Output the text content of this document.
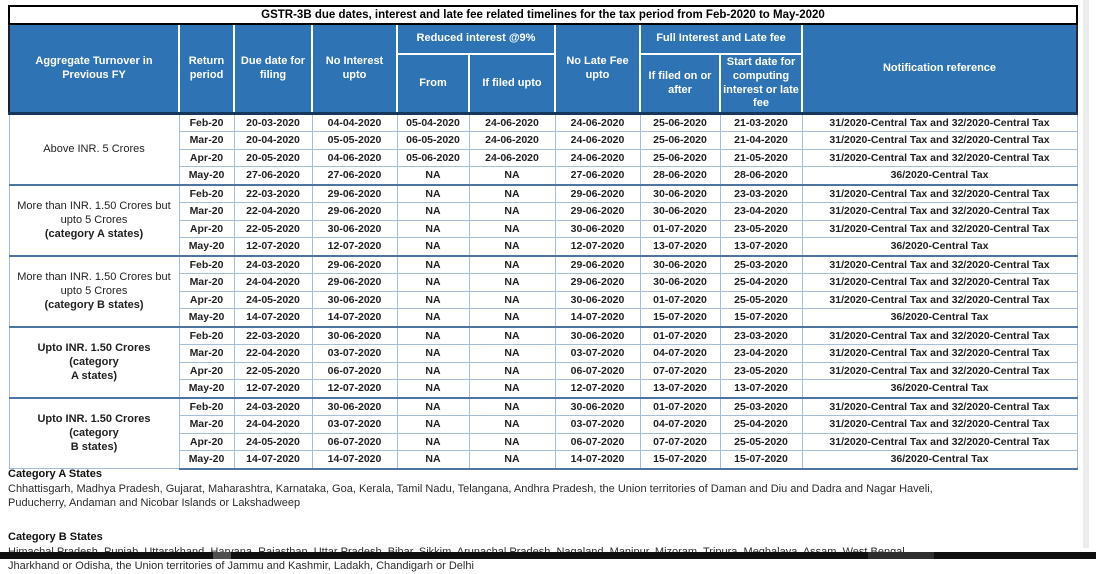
GSTR-3B due dates, interest and late fee related timelines for the tax period from Feb-2020 to May-2020									
Aggregate Turnover in Previous FY	Return period	Due date for filing	No Interest upto	Reduced interest @9%		No Late Fee upto	Full Interest and Late fee		Notification reference
				From	If filed upto		If filed on or after	Start date for computing interest or late fee	

Above INR. 5 Crores	Feb-20	20-03-2020	04-04-2020	05-04-2020	24-06-2020	24-06-2020	25-06-2020	21-03-2020	31/2020-Central Tax and 32/2020-Central Tax
	Mar-20	20-04-2020	05-05-2020	06-05-2020	24-06-2020	24-06-2020	25-06-2020	21-04-2020	31/2020-Central Tax and 32/2020-Central Tax
	Apr-20	20-05-2020	04-06-2020	05-06-2020	24-06-2020	24-06-2020	25-06-2020	21-05-2020	31/2020-Central Tax and 32/2020-Central Tax
	May-20	27-06-2020	27-06-2020	NA	NA	27-06-2020	28-06-2020	28-06-2020	36/2020-Central Tax

More than INR. 1.50 Crores but
upto 5 Crores
(category A states)	Feb-20	22-03-2020	29-06-2020	NA	NA	29-06-2020	30-06-2020	23-03-2020	31/2020-Central Tax and 32/2020-Central Tax
	Mar-20	22-04-2020	29-06-2020	NA	NA	29-06-2020	30-06-2020	23-04-2020	31/2020-Central Tax and 32/2020-Central Tax
	Apr-20	22-05-2020	30-06-2020	NA	NA	30-06-2020	01-07-2020	23-05-2020	31/2020-Central Tax and 32/2020-Central Tax
	May-20	12-07-2020	12-07-2020	NA	NA	12-07-2020	13-07-2020	13-07-2020	36/2020-Central Tax

More than INR. 1.50 Crores but
upto 5 Crores
(category B states)	Feb-20	24-03-2020	29-06-2020	NA	NA	29-06-2020	30-06-2020	25-03-2020	31/2020-Central Tax and 32/2020-Central Tax
	Mar-20	24-04-2020	29-06-2020	NA	NA	29-06-2020	30-06-2020	25-04-2020	31/2020-Central Tax and 32/2020-Central Tax
	Apr-20	24-05-2020	30-06-2020	NA	NA	30-06-2020	01-07-2020	25-05-2020	31/2020-Central Tax and 32/2020-Central Tax
	May-20	14-07-2020	14-07-2020	NA	NA	14-07-2020	15-07-2020	15-07-2020	36/2020-Central Tax

Upto INR. 1.50 Crores (category
A states)	Feb-20	22-03-2020	30-06-2020	NA	NA	30-06-2020	01-07-2020	23-03-2020	31/2020-Central Tax and 32/2020-Central Tax
	Mar-20	22-04-2020	03-07-2020	NA	NA	03-07-2020	04-07-2020	23-04-2020	31/2020-Central Tax and 32/2020-Central Tax
	Apr-20	22-05-2020	06-07-2020	NA	NA	06-07-2020	07-07-2020	23-05-2020	31/2020-Central Tax and 32/2020-Central Tax
	May-20	12-07-2020	12-07-2020	NA	NA	12-07-2020	13-07-2020	13-07-2020	36/2020-Central Tax

Upto INR. 1.50 Crores (category
B states)	Feb-20	24-03-2020	30-06-2020	NA	NA	30-06-2020	01-07-2020	25-03-2020	31/2020-Central Tax and 32/2020-Central Tax
	Mar-20	24-04-2020	03-07-2020	NA	NA	03-07-2020	04-07-2020	25-04-2020	31/2020-Central Tax and 32/2020-Central Tax
	Apr-20	24-05-2020	06-07-2020	NA	NA	06-07-2020	07-07-2020	25-05-2020	31/2020-Central Tax and 32/2020-Central Tax
	May-20	14-07-2020	14-07-2020	NA	NA	14-07-2020	15-07-2020	15-07-2020	36/2020-Central Tax
Category A States
Chhattisgarh, Madhya Pradesh, Gujarat, Maharashtra, Karnataka, Goa, Kerala, Tamil Nadu, Telangana, Andhra Pradesh, the Union territories of Daman and Diu and Dadra and Nagar Haveli,
Puducherry, Andaman and Nicobar Islands or Lakshadweep
Category B States
Jharkhand or Odisha, the Union territories of Jammu and Kashmir, Ladakh, Chandigarh or Delhi
